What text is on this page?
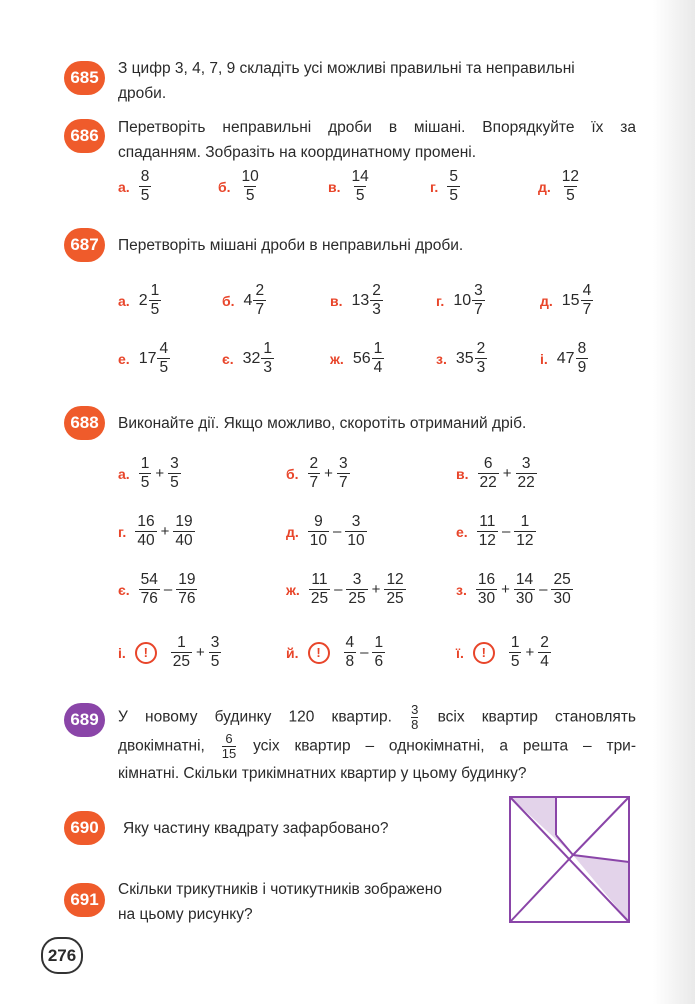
685 З цифр 3, 4, 7, 9 складіть усі можливі правильні та неправильні
дроби.
686 Перетворіть неправильні дроби в мішані. Впорядкуйте їх за
спаданням. Зобразіть на координатному промені.
а. $\frac{8}{5}$	б. $\frac{10}{5}$	в. $\frac{14}{5}$	г. $\frac{5}{5}$	д. $\frac{12}{5}$
687 Перетворіть мішані дроби в неправильні дроби.
а. $2 \frac{1}{5}$	б. $4 \frac{2}{7}$	в. $13 \frac{2}{3}$	г. $10 \frac{3}{7}$	д. $15 \frac{4}{7}$
е. $17 \frac{4}{5}$	є. $32 \frac{1}{3}$	ж. $56 \frac{1}{4}$	з. $35 \frac{2}{3}$	і. $47 \frac{8}{9}$
688 Виконайте дії. Якщо можливо, скоротіть отриманий дріб.
а. $\frac{1}{5} + \frac{3}{5}$	б. $\frac{2}{7} + \frac{3}{7}$	в. $\frac{6}{22} + \frac{3}{22}$
г. $\frac{16}{40} + \frac{19}{40}$	д. $\frac{9}{10} - \frac{3}{10}$	е. $\frac{11}{12} - \frac{1}{12}$
є. $\frac{54}{76} - \frac{19}{76}$	ж. $\frac{11}{25} - \frac{3}{25} + \frac{12}{25}$	з. $\frac{16}{30} + \frac{14}{30} - \frac{25}{30}$
і.	!	$\frac{1}{25} + \frac{3}{5}$	й.	!	$\frac{4}{8} - \frac{1}{6}$	ї.	!	$\frac{1}{5} + \frac{2}{4}$
689 У новому будинку 120 квартир. $\frac{3}{8}$ всіх квартир становлять
двокімнатні, $\frac{6}{15}$ усіх квартир – однокімнатні, а решта – три-
кімнатні. Скільки трикімнатних квартир у цьому будинку?
690 Яку частину квадрату зафарбовано?
691
Скільки трикутників і чотикутників зображено
на цьому рисунку?
276
